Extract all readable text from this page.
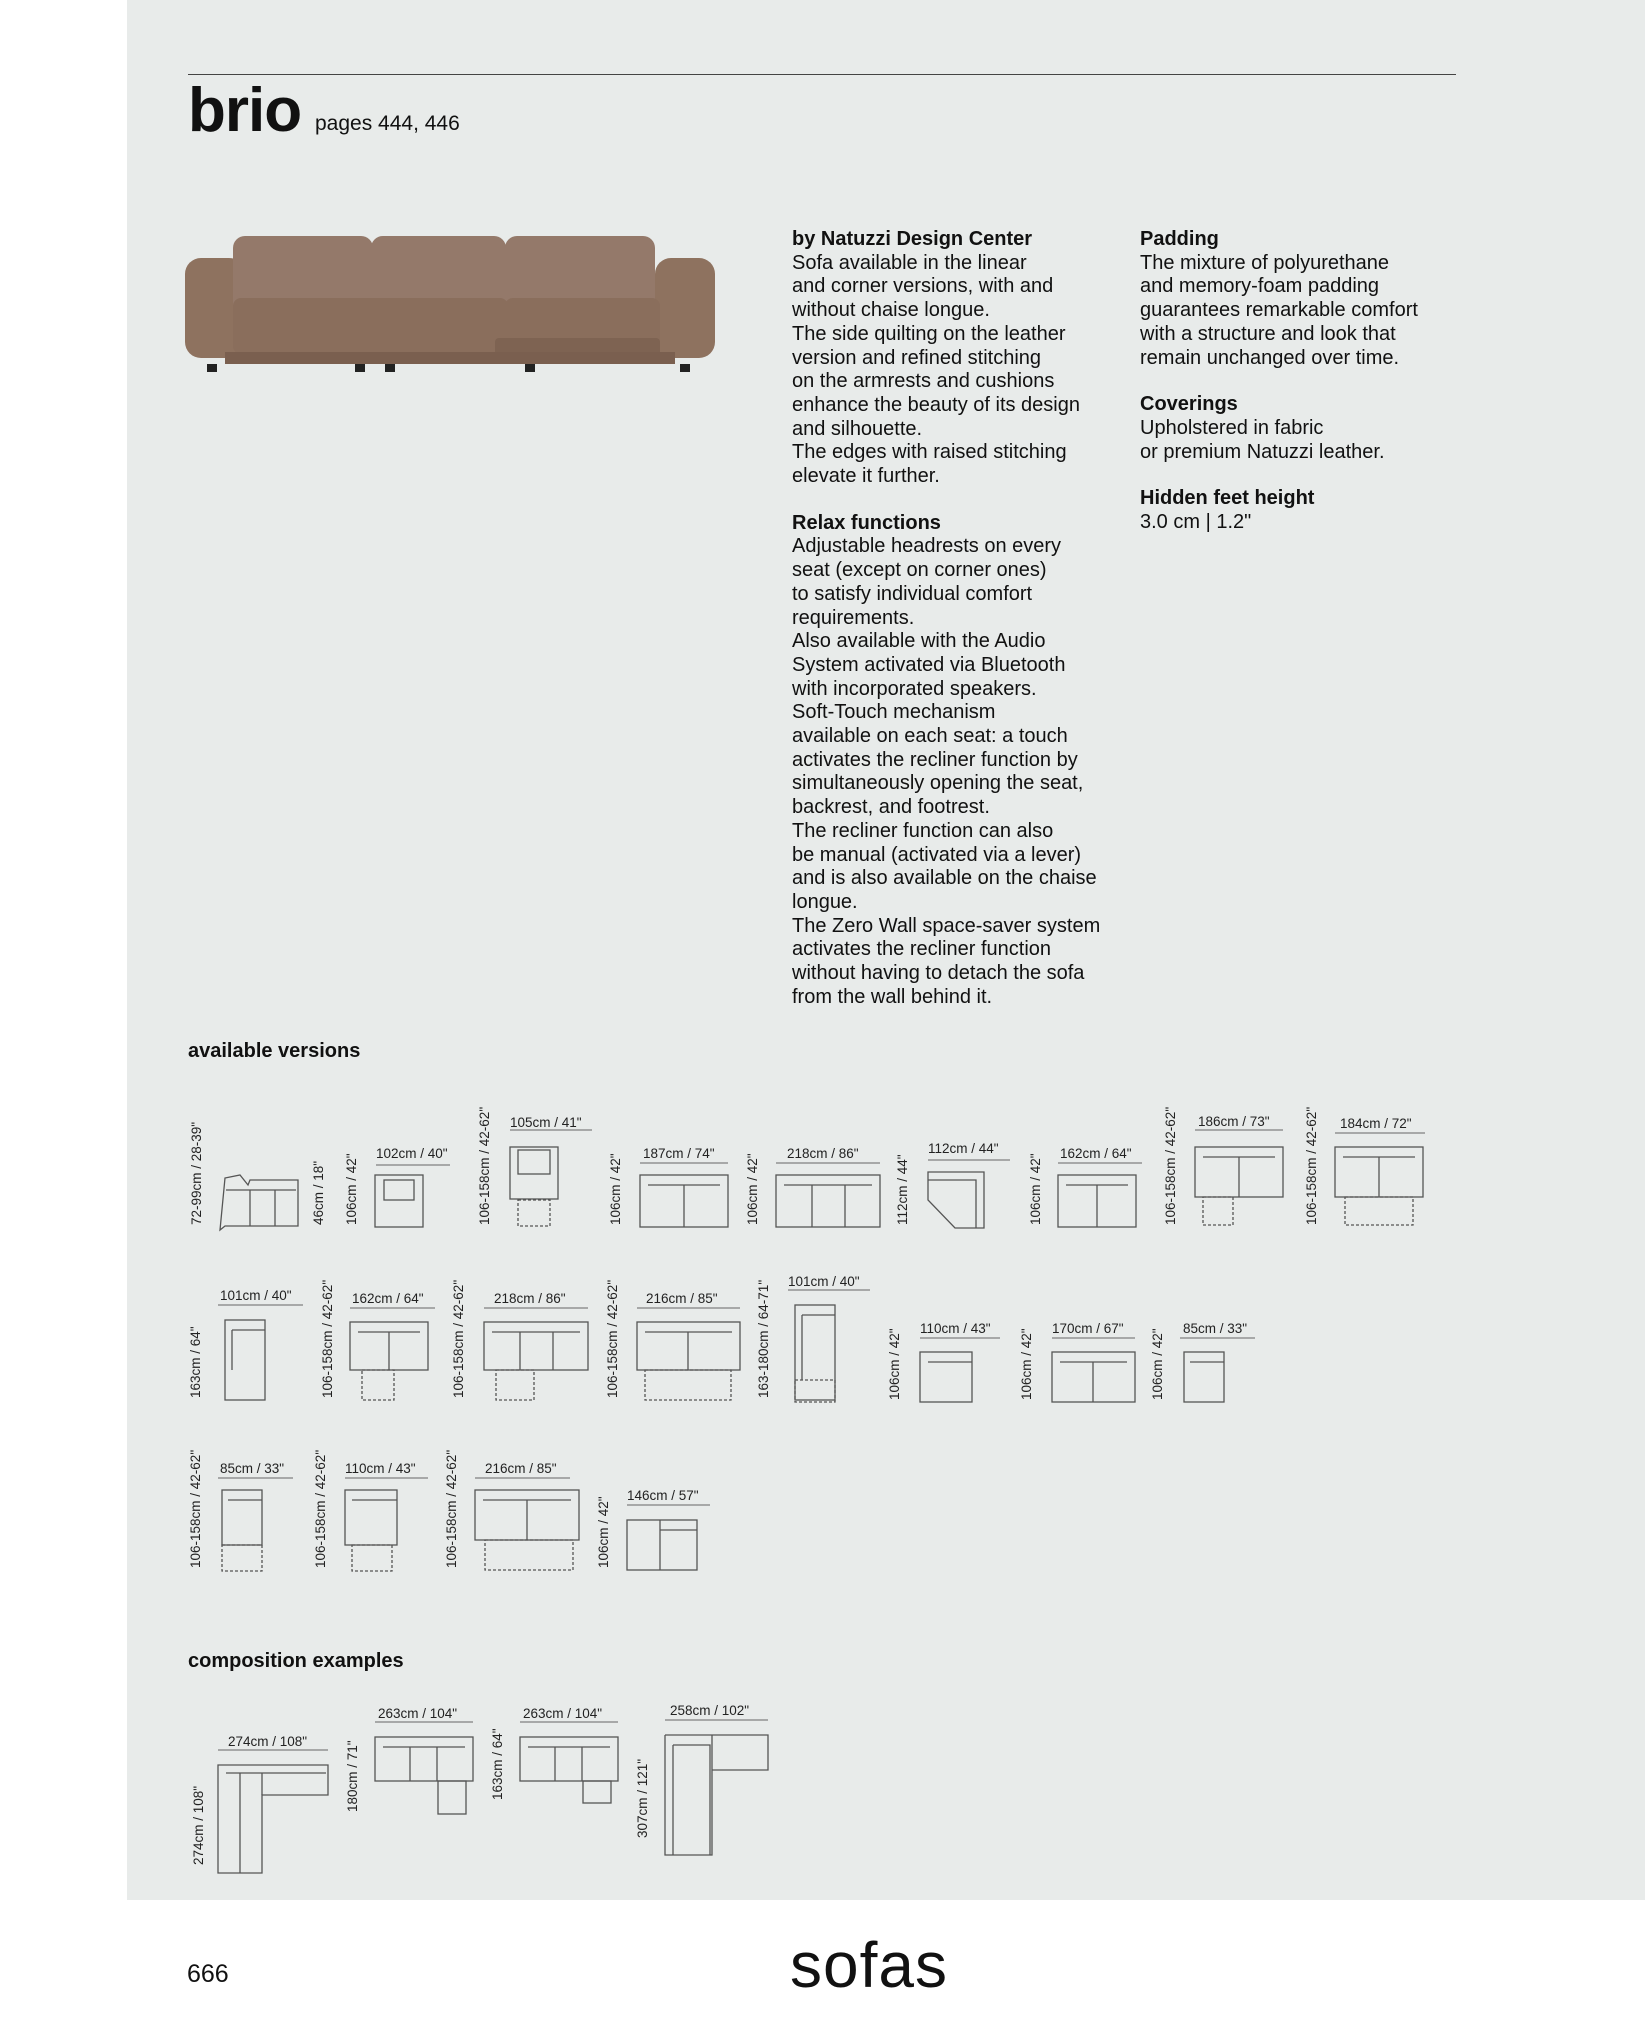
brio pages 444, 446

by Natuzzi Design Center

Sofa available in the linear

and corner versions, with and

without chaise longue.

The side quilting on the leather

version and refined stitching

on the armrests and cushions

enhance the beauty of its design

and silhouette.

The edges with raised stitching

elevate it further.

Relax functions

Adjustable headrests on every

seat (except on corner ones)

to satisfy individual comfort

requirements.

Also available with the Audio

System activated via Bluetooth

with incorporated speakers.

Soft-Touch mechanism

available on each seat: a touch

activates the recliner function by

simultaneously opening the seat,

backrest, and footrest.

The recliner function can also

be manual (activated via a lever)

and is also available on the chaise

longue.

The Zero Wall space-saver system

activates the recliner function

without having to detach the sofa

from the wall behind it.

Padding

The mixture of polyurethane

and memory-foam padding

guarantees remarkable comfort

with a structure and look that

remain unchanged over time.

Coverings

Upholstered in fabric

or premium Natuzzi leather.

Hidden feet height

3.0 cm | 1.2"

available versions
composition examples
72-99cm / 28-39"	46cm / 18" 106cm / 42" 102cm / 40" 106-158cm / 42-62" 105cm / 41"
106cm / 42" 187cm / 74" 106cm / 42" 218cm / 86"
112cm / 44"
112cm / 44"
106cm / 42" 162cm / 64" 106-158cm / 42-62" 186cm / 73"	106-158cm / 42-62" 184cm / 72"
163cm / 64"
101cm / 40" 106-158cm / 42-62" 162cm / 64" 106-158cm / 42-62" 218cm / 86"	106-158cm / 42-62" 216cm / 85"	163-180cm / 64-71" 101cm / 40"
106cm / 42" 110cm / 43" 106cm / 42" 170cm / 67" 106cm / 42" 85cm / 33"
106-158cm / 42-62" 85cm / 33" 106-158cm / 42-62" 110cm / 43" 106-158cm / 42-62" 216cm / 85"
106cm / 42"
146cm / 57"
274cm / 108"
274cm / 108"	180cm / 71"
263cm / 104"
163cm / 64"
263cm / 104"
307cm / 121"
258cm / 102"
666	sofas
